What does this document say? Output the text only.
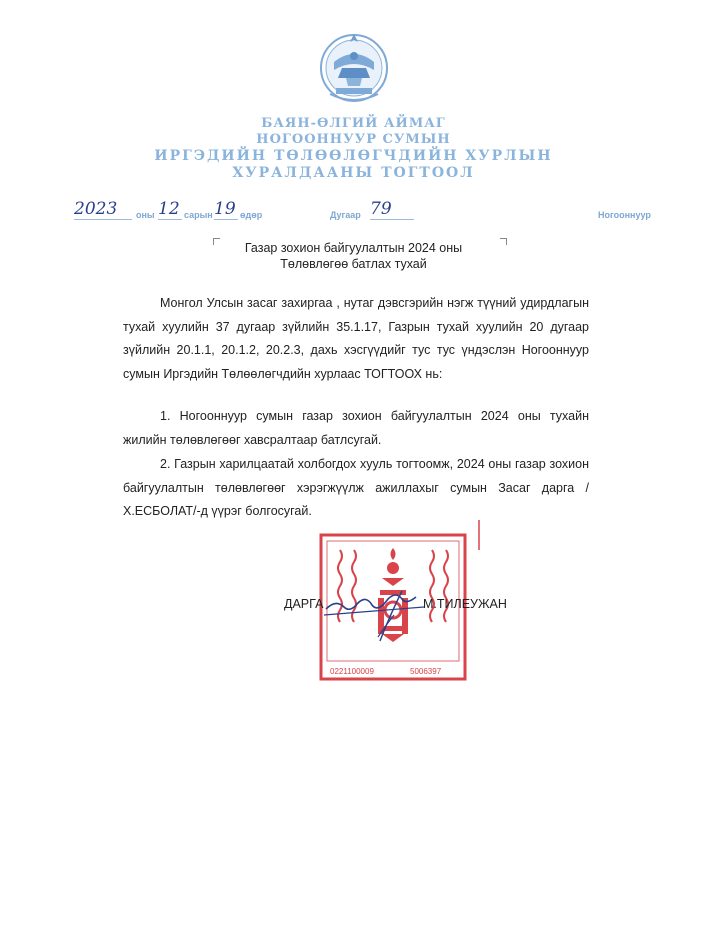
БАЯН-ӨЛГИЙ АЙМАГ
НОГООННУУР СУМЫН
ИРГЭДИЙН ТӨЛӨӨЛӨГЧДИЙН ХУРЛЫН
ХУРАЛДААНЫ ТОГТООЛ
2023	оны 12 сарын 19 өдөр	Дугаар 79	Ногооннуур
Газар зохион байгуулалтын 2024 оны
Төлөвлөгөө батлах тухай
Монгол Улсын засаг захиргаа , нутаг дэвсгэрийн нэгж түүний удирдлагын тухай хуулийн 37 дугаар зүйлийн 35.1.17, Газрын тухай хуулийн 20 дугаар зүйлийн 20.1.1, 20.1.2, 20.2.3, дахь хэсгүүдийг тус тус үндэслэн Ногооннуур сумын Иргэдийн Төлөөлөгчдийн хурлаас ТОГТООХ нь:
1. Ногооннуур сумын газар зохион байгуулалтын 2024 оны тухайн жилийн төлөвлөгөөг хавсралтаар батлсугай.
2. Газрын харилцаатай холбогдох хууль тогтоомж, 2024 оны газар зохион байгуулалтын төлөвлөгөөг хэрэгжүүлж ажиллахыг сумын Засаг дарга /Х.ЕСБОЛАТ/-д үүрэг болгосугай.
0221100009	5006397
ДАРГА	М.ТИЛЕУЖАН
